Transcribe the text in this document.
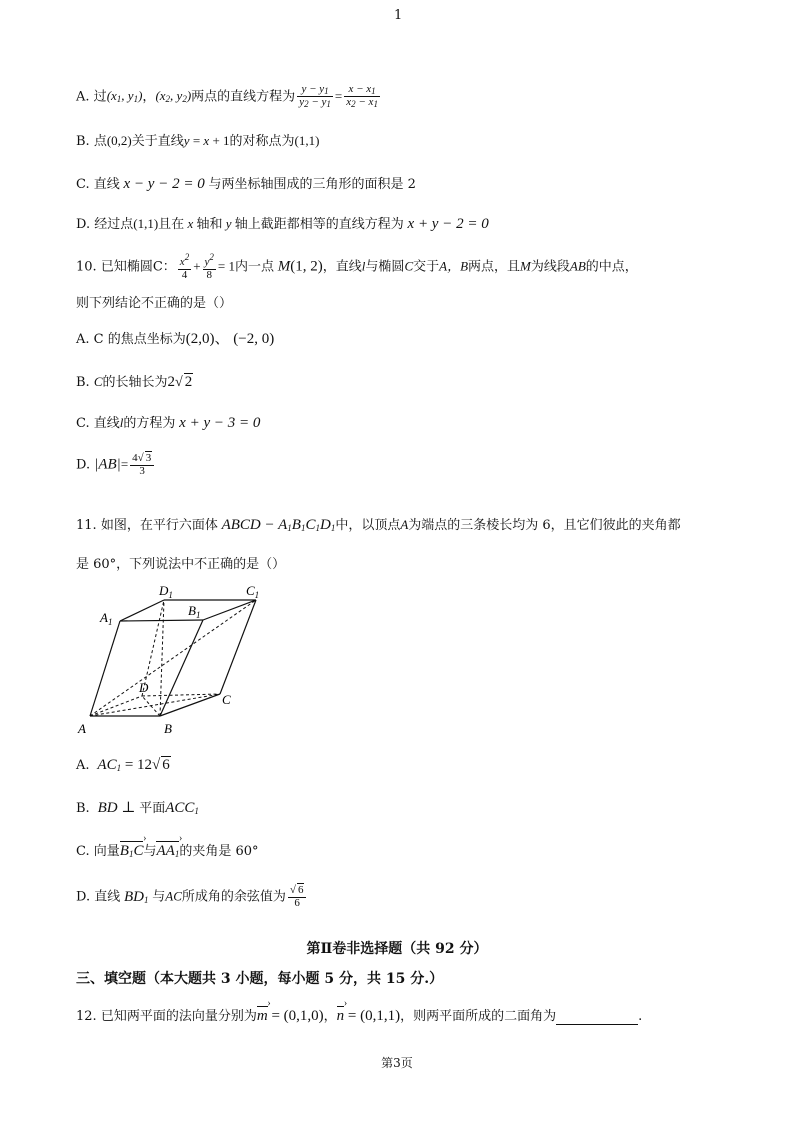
1
A. 过($x_1$, $y_1$)，($x_2$, $y_2$)两点的直线方程为 $\frac{y - y_1}{y_2 - y_1} = \frac{x - x_1}{x_2 - x_1}$
B. 点(0,2)关于直线y = x + 1的对称点为(1,1)
C. 直线 x − y − 2 = 0 与两坐标轴围成的三角形的面积是 2
D. 经过点(1,1)且在 x 轴和 y 轴上截距都相等的直线方程为 x + y − 2 = 0
10. 已知椭圆C： $\frac{x^2}{4} + \frac{y^2}{8} = 1$内一点 M(1, 2)，直线l与椭圆C交于A，B两点，且M为线段AB的中点，
则下列结论不正确的是（）
A. C 的焦点坐标为(2,0)、 (−2, 0)
B. C的长轴长为2√ 2
C. 直线l的方程为 x + y − 3 = 0
D. $|AB|= \frac{4√ 3}{3}$
11. 如图，在平行六面体 ABCD − $A_1B_1C_1D_1$中，以顶点A为端点的三条棱长均为 6，且它们彼此的夹角都
是 60°，下列说法中不正确的是（）
$A_1$
$D_1$
$B_1$
$C_1$
D
C
A	B
A.  $AC_1 = 12√$ 6
B.  BD ⊥ 平面$ACC_1$
C. 向量$B_1C$ ›与$AA_1$ ›的夹角是 60°
D. 直线 $BD_1$ 与AC所成角的余弦值为 $\frac{√ 6}{6}$
第Ⅱ卷非选择题（共 92 分）
三、填空题（本大题共 3 小题，每小题 5 分，共 15 分.）
12. 已知两平面的法向量分别为m › = (0,1,0)，n › = (0,1,1)，则两平面所成的二面角为	.
第3页
